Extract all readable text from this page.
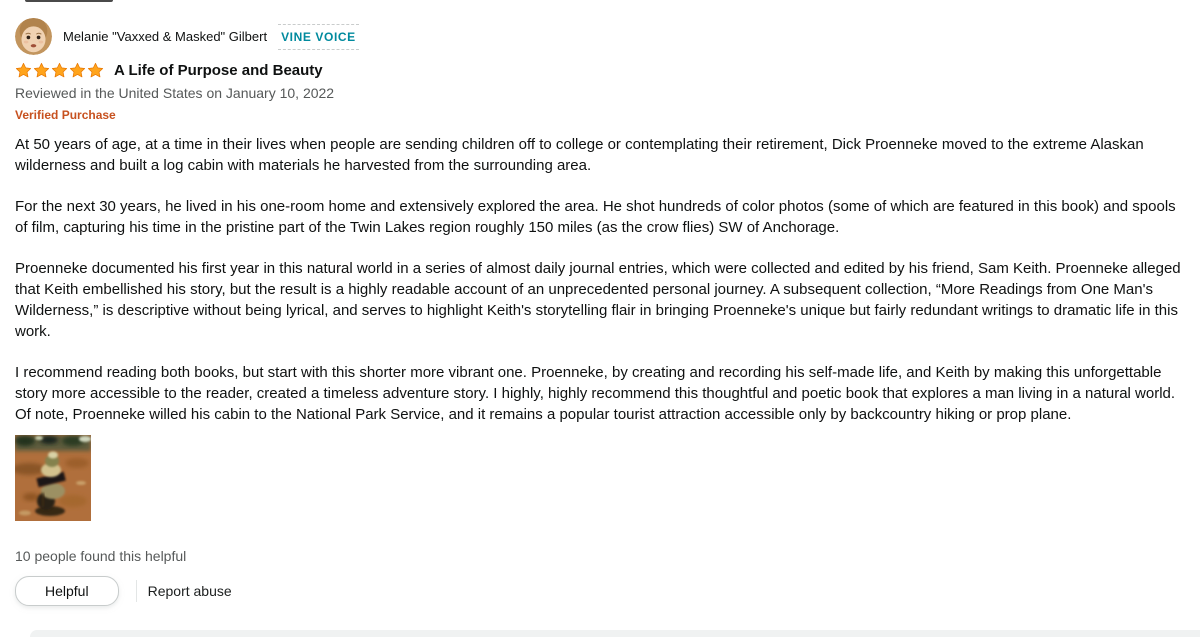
Melanie "Vaxxed & Masked" Gilbert VINE VOICE
A Life of Purpose and Beauty
Reviewed in the United States on January 10, 2022
Verified Purchase
At 50 years of age, at a time in their lives when people are sending children off to college or contemplating their retirement, Dick Proenneke moved to the extreme Alaskan wilderness and built a log cabin with materials he harvested from the surrounding area.
For the next 30 years, he lived in his one-room home and extensively explored the area. He shot hundreds of color photos (some of which are featured in this book) and spools of film, capturing his time in the pristine part of the Twin Lakes region roughly 150 miles (as the crow flies) SW of Anchorage.
Proenneke documented his first year in this natural world in a series of almost daily journal entries, which were collected and edited by his friend, Sam Keith. Proenneke alleged that Keith embellished his story, but the result is a highly readable account of an unprecedented personal journey. A subsequent collection, “More Readings from One Man's Wilderness,” is descriptive without being lyrical, and serves to highlight Keith's storytelling flair in bringing Proenneke's unique but fairly redundant writings to dramatic life in this work.
I recommend reading both books, but start with this shorter more vibrant one. Proenneke, by creating and recording his self-made life, and Keith by making this unforgettable story more accessible to the reader, created a timeless adventure story. I highly, highly recommend this thoughtful and poetic book that explores a man living in a natural world. Of note, Proenneke willed his cabin to the National Park Service, and it remains a popular tourist attraction accessible only by backcountry hiking or prop plane.
10 people found this helpful
Helpful	Report abuse
